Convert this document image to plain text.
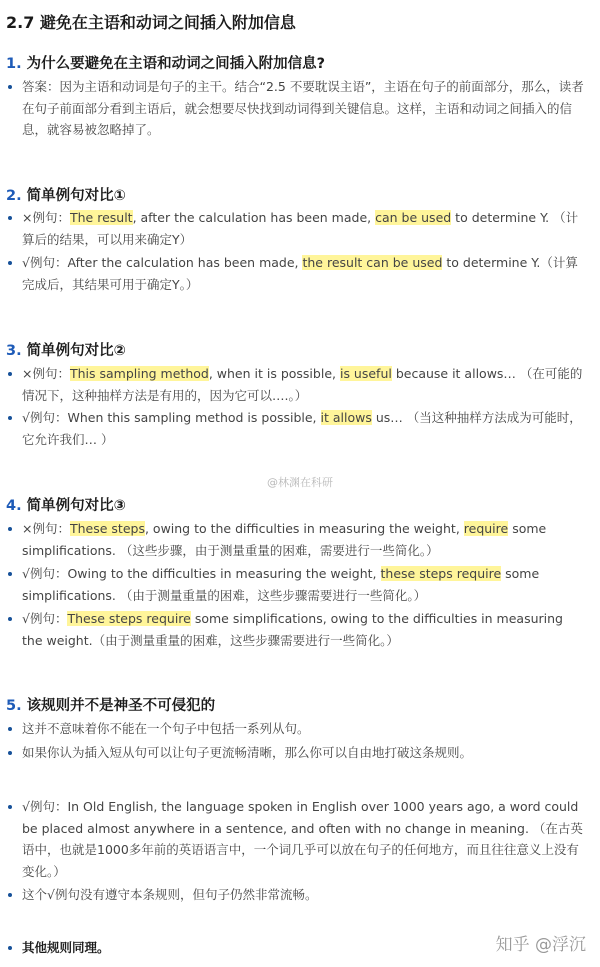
2.7 避免在主语和动词之间插入附加信息
1. 为什么要避免在主语和动词之间插入附加信息?
答案：因为主语和动词是句子的主干。结合“2.5 不要耽误主语”，主语在句子的前面部分，那么，读者在句子前面部分看到主语后，就会想要尽快找到动词得到关键信息。这样，主语和动词之间插入的信息，就容易被忽略掉了。
2. 简单例句对比①
×例句：The result, after the calculation has been made, can be used to determine Y. （计算后的结果，可以用来确定Y）
√例句：After the calculation has been made, the result can be used to determine Y.（计算完成后，其结果可用于确定Y。）
3. 简单例句对比②
×例句：This sampling method, when it is possible, is useful because it allows… （在可能的情况下，这种抽样方法是有用的，因为它可以….。）
√例句：When this sampling method is possible, it allows us… （当这种抽样方法成为可能时，它允许我们… ）
@林渊在科研
4. 简单例句对比③
×例句：These steps, owing to the difficulties in measuring the weight, require some simplifications. （这些步骤，由于测量重量的困难，需要进行一些简化。）
√例句：Owing to the difficulties in measuring the weight, these steps require some simplifications. （由于测量重量的困难，这些步骤需要进行一些简化。）
√例句：These steps require some simplifications, owing to the difficulties in measuring the weight.（由于测量重量的困难，这些步骤需要进行一些简化。）
5. 该规则并不是神圣不可侵犯的
这并不意味着你不能在一个句子中包括一系列从句。
如果你认为插入短从句可以让句子更流畅清晰，那么你可以自由地打破这条规则。
√例句：In Old English, the language spoken in English over 1000 years ago, a word could be placed almost anywhere in a sentence, and often with no change in meaning. （在古英语中，也就是1000多年前的英语语言中，一个词几乎可以放在句子的任何地方，而且往往意义上没有变化。）
这个√例句没有遵守本条规则，但句子仍然非常流畅。
其他规则同理。	知乎 @浮沉
